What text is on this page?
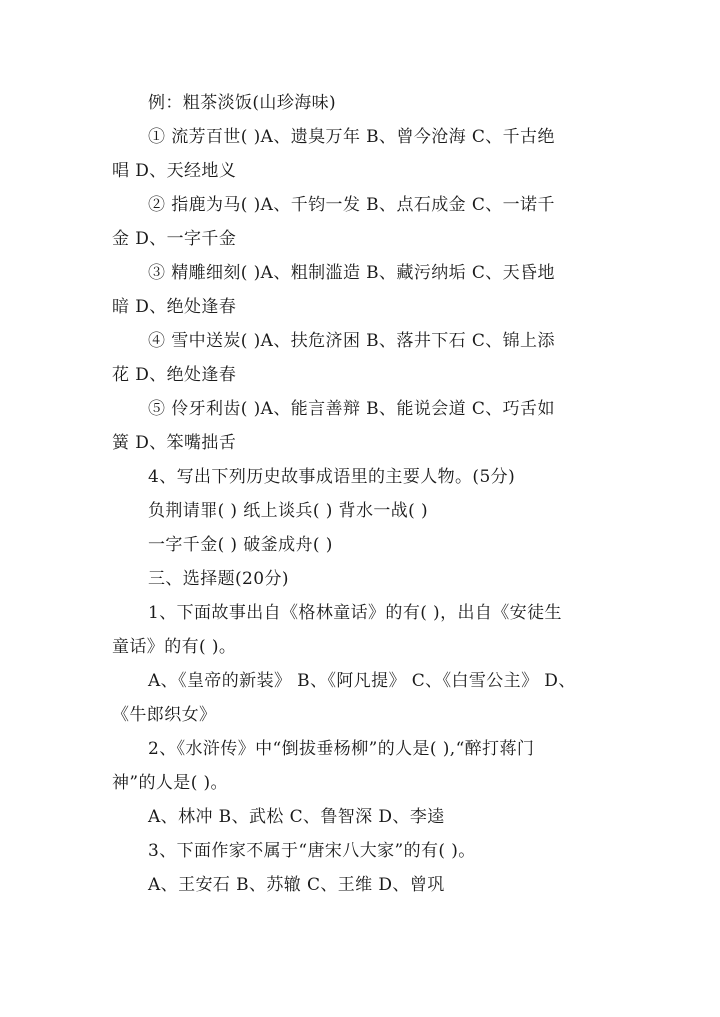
例：粗茶淡饭(山珍海味)
① 流芳百世( )A、遗臭万年 B、曾今沧海 C、千古绝
唱 D、天经地义
② 指鹿为马( )A、千钧一发 B、点石成金 C、一诺千
金 D、一字千金
③ 精雕细刻( )A、粗制滥造 B、藏污纳垢 C、天昏地
暗 D、绝处逢春
④ 雪中送炭( )A、扶危济困 B、落井下石 C、锦上添
花 D、绝处逢春
⑤ 伶牙利齿( )A、能言善辩 B、能说会道 C、巧舌如
簧 D、笨嘴拙舌
4、写出下列历史故事成语里的主要人物。(5分)
负荆请罪( ) 纸上谈兵( ) 背水一战( )
一字千金( ) 破釜成舟( )
三、选择题(20分)
1、下面故事出自《格林童话》的有( )，出自《安徒生
童话》的有( )。
A、《皇帝的新装》 B、《阿凡提》 C、《白雪公主》 D、
《牛郎织女》
2、《水浒传》中“倒拔垂杨柳”的人是( ),“醉打蒋门
神”的人是( )。
A、林冲 B、武松 C、鲁智深 D、李逵
3、下面作家不属于“唐宋八大家”的有( )。
A、王安石 B、苏辙 C、王维 D、曾巩
